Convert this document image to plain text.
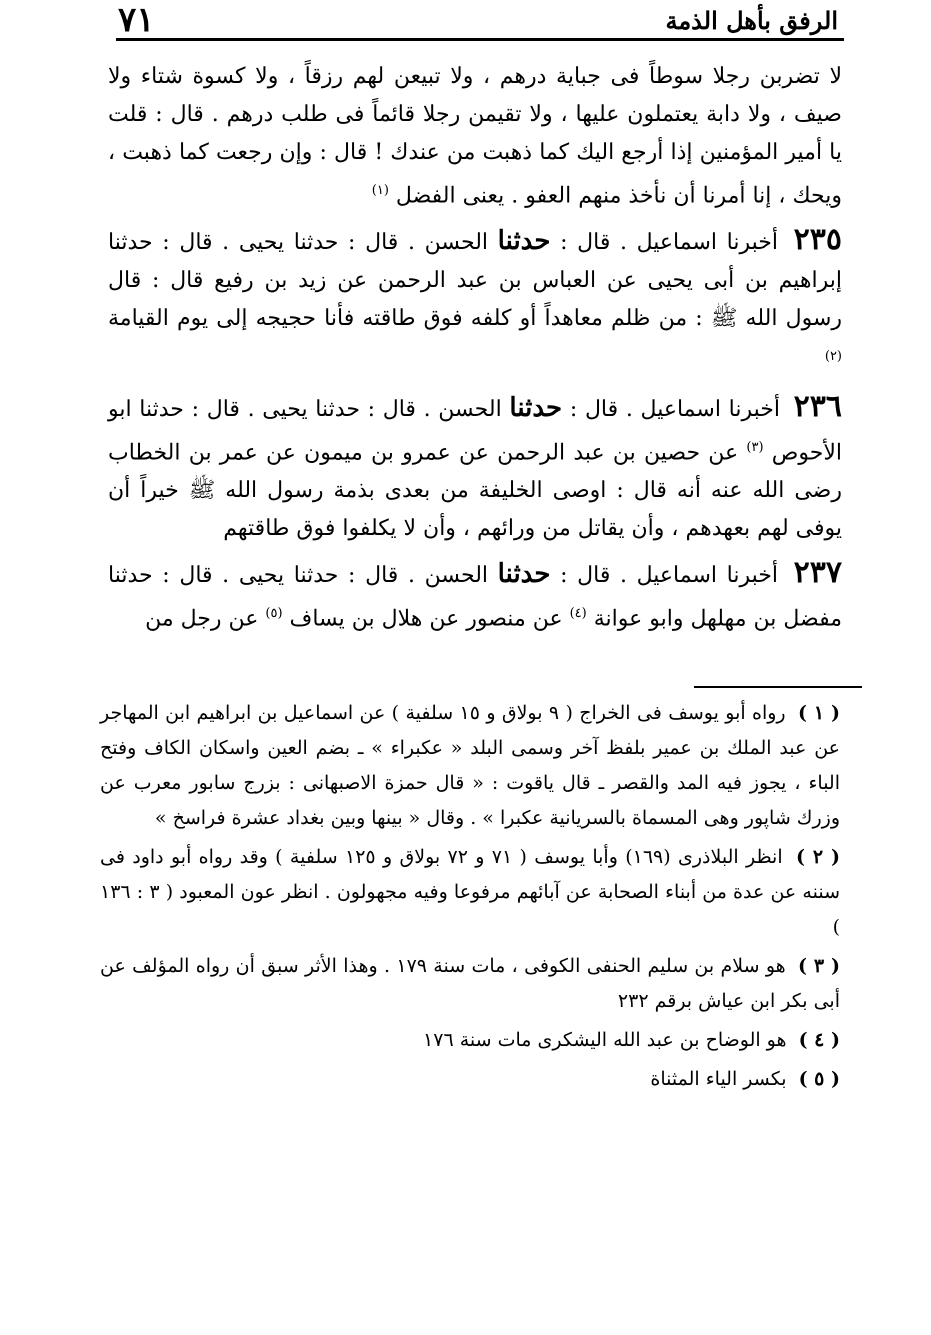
الرفق بأهل الذمة
٧١

لا تضربن رجلا سوطاً فى جباية درهم ، ولا تبيعن لهم رزقاً ، ولا كسوة شتاء ولا صيف ، ولا دابة يعتملون عليها ، ولا تقيمن رجلا قائماً فى طلب درهم . قال : قلت يا أمير المؤمنين إذا أرجع اليك كما ذهبت من عندك ! قال : وإن رجعت كما ذهبت ، ويحك ، إنا أمرنا أن نأخذ منهم العفو . يعنى الفضل $^{(١)}$

٢٣٥ أخبرنا اسماعيل . قال : حدثنا الحسن . قال : حدثنا يحيى . قال : حدثنا إبراهيم بن أبى يحيى عن العباس بن عبد الرحمن عن زيد بن رفيع قال : قال رسول الله ﷺ : من ظلم معاهداً أو كلفه فوق طاقته فأنا حجيجه إلى يوم القيامة $^{(٢)}$

٢٣٦ أخبرنا اسماعيل . قال : حدثنا الحسن . قال : حدثنا يحيى . قال : حدثنا ابو الأحوص $^{(٣)}$ عن حصين بن عبد الرحمن عن عمرو بن ميمون عن عمر بن الخطاب رضى الله عنه أنه قال : اوصى الخليفة من بعدى بذمة رسول الله ﷺ خيراً أن يوفى لهم بعهدهم ، وأن يقاتل من ورائهم ، وأن لا يكلفوا فوق طاقتهم

٢٣٧ أخبرنا اسماعيل . قال : حدثنا الحسن . قال : حدثنا يحيى . قال : حدثنا مفضل بن مهلهل وابو عوانة $^{(٤)}$ عن منصور عن هلال بن يساف $^{(٥)}$ عن رجل من

( ١ ) رواه أبو يوسف فى الخراج ( ٩ بولاق و ١٥ سلفية ) عن اسماعيل بن ابراهيم ابن المهاجر عن عبد الملك بن عمير بلفظ آخر وسمى البلد « عكبراء » ـ بضم العين واسكان الكاف وفتح الباء ، يجوز فيه المد والقصر ـ قال ياقوت : « قال حمزة الاصبهانى : بزرج سابور معرب عن وزرك شاپور وهى المسماة بالسريانية عكبرا » . وقال « بينها وبين بغداد عشرة فراسخ »

( ٢ ) انظر البلاذرى (١٦٩) وأبا يوسف ( ٧١ و ٧٢ بولاق و ١٢٥ سلفية ) وقد رواه أبو داود فى سننه عن عدة من أبناء الصحابة عن آبائهم مرفوعا وفيه مجهولون . انظر عون المعبود ( ٣ : ١٣٦ )

( ٣ ) هو سلام بن سليم الحنفى الكوفى ، مات سنة ١٧٩ . وهذا الأثر سبق أن رواه المؤلف عن أبى بكر ابن عياش برقم ٢٣٢

( ٤ ) هو الوضاح بن عبد الله اليشكرى مات سنة ١٧٦

( ٥ ) بكسر الياء المثناة
